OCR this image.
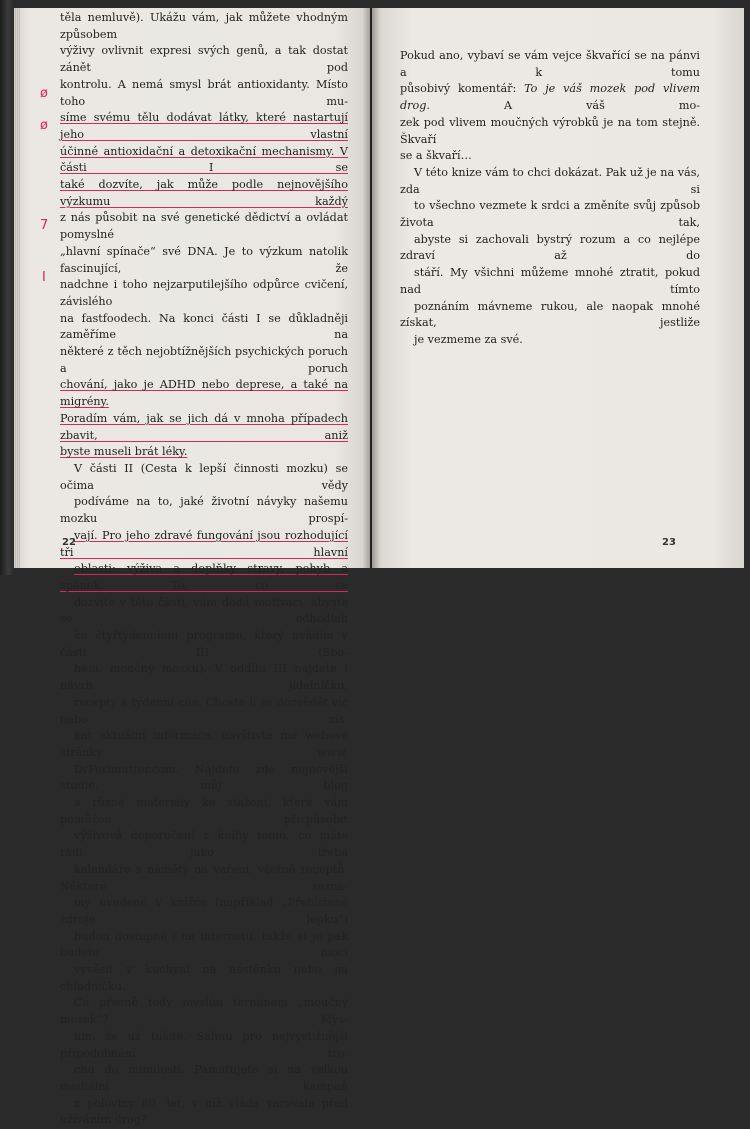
těla nemluvě). Ukážu vám, jak můžete vhodným způsobem
výživy ovlivnit expresi svých genů, a tak dostat zánět pod
kontrolu. A nemá smysl brát antioxidanty. Místo toho mu-
síme svému tělu dodávat látky, které nastartují jeho vlastní
účinné antioxidační a detoxikační mechanismy. V části I se
také dozvíte, jak může podle nejnovějšího výzkumu každý
z nás působit na své genetické dědictví a ovládat pomyslné
„hlavní spínače“ své DNA. Je to výzkum natolik fascinující, že
nadchne i toho nejzarputilejšího odpůrce cvičení, závislého
na fastfoodech. Na konci části I se důkladněji zaměříme na
některé z těch nejobtížnějších psychických poruch a poruch
chování, jako je ADHD nebo deprese, a také na migrény.
Poradím vám, jak se jich dá v mnoha případech zbavit, aniž
byste museli brát léky.

V části II (Cesta k lepší činnosti mozku) se očima vědy
podíváme na to, jaké životní návyky našemu mozku prospí-
vají. Pro jeho zdravé fungování jsou rozhodující tři hlavní
oblasti: výživa a doplňky stravy, pohyb a spánek. To, co se
dozvíte v této části, vám dodá motivaci, abyste se odhodlali
ke čtyřtýdennímu programu, který uvádím v části III (Sbo-
hem, moučný mozku). V oddílu III najdete i návrh jídelníčku,
recepty a týdenní cíle. Chcete-li se dozvědět víc nebo zís-
kat aktuální informace, navštivte mé webové stránky www.
DrPerlmutter.com. Najdete zde nejnovější studie, můj blog
a různé materiály ke stažení, které vám pomůžou přizpůsobit
výživová doporučení z knihy tomu, co máte rádi, jako třeba
kalendáře s náměty na vaření, včetně receptů. Některé sezna-
my uvedené v knížce (například „Přehlížené zdroje lepku“)
budou dostupné i na internetu, takže si je pak budete moci
vyvěsit v kuchyni na nástěnku nebo na chladničku.

Co přesně tedy myslím termínem „moučný mozek“? Mys-
lím, že už tušíte. Sáhnu pro nejvýstižnější připodobnění tro-
chu do minulosti. Pamatujete si na velkou mediální kampaň
z poloviny 80. let, v níž vláda varovala před užíváním drog?

ø
ø
7
I
22

Pokud ano, vybaví se vám vejce škvařící se na pánvi a k tomu
působivý komentář: To je váš mozek pod vlivem drog. A váš mo-
zek pod vlivem moučných výrobků je na tom stejně. Škvaří
se a škvaří…

V této knize vám to chci dokázat. Pak už je na vás, zda si
to všechno vezmete k srdci a změníte svůj způsob života tak,
abyste si zachovali bystrý rozum a co nejlépe zdraví až do
stáří. My všichni můžeme mnohé ztratit, pokud nad tímto
poznáním mávneme rukou, ale naopak mnohé získat, jestliže
je vezmeme za své.

23
